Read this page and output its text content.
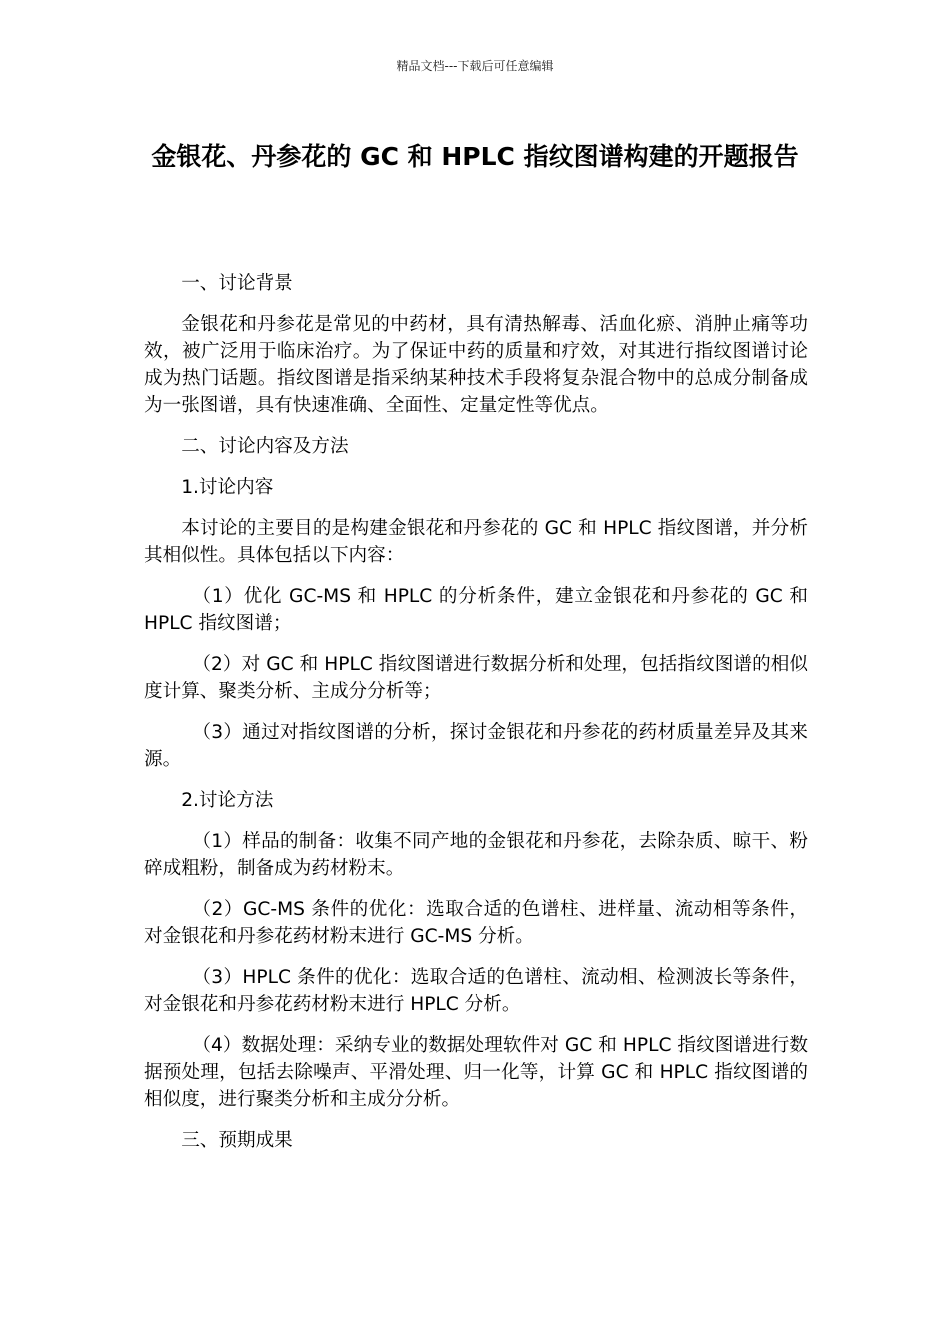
精品文档---下载后可任意编辑
金银花、丹参花的 GC 和 HPLC 指纹图谱构建的开题报告

一、讨论背景

金银花和丹参花是常见的中药材，具有清热解毒、活血化瘀、消肿止痛等功效，被广泛用于临床治疗。为了保证中药的质量和疗效，对其进行指纹图谱讨论成为热门话题。指纹图谱是指采纳某种技术手段将复杂混合物中的总成分制备成为一张图谱，具有快速准确、全面性、定量定性等优点。

二、讨论内容及方法

1.讨论内容

本讨论的主要目的是构建金银花和丹参花的 GC 和 HPLC 指纹图谱，并分析其相似性。具体包括以下内容：

（1）优化 GC-MS 和 HPLC 的分析条件，建立金银花和丹参花的 GC 和 HPLC 指纹图谱；

（2）对 GC 和 HPLC 指纹图谱进行数据分析和处理，包括指纹图谱的相似度计算、聚类分析、主成分分析等；

（3）通过对指纹图谱的分析，探讨金银花和丹参花的药材质量差异及其来源。

2.讨论方法

（1）样品的制备：收集不同产地的金银花和丹参花，去除杂质、晾干、粉碎成粗粉，制备成为药材粉末。

（2）GC-MS 条件的优化：选取合适的色谱柱、进样量、流动相等条件，对金银花和丹参花药材粉末进行 GC-MS 分析。

（3）HPLC 条件的优化：选取合适的色谱柱、流动相、检测波长等条件，对金银花和丹参花药材粉末进行 HPLC 分析。

（4）数据处理：采纳专业的数据处理软件对 GC 和 HPLC 指纹图谱进行数据预处理，包括去除噪声、平滑处理、归一化等，计算 GC 和 HPLC 指纹图谱的相似度，进行聚类分析和主成分分析。

三、预期成果
